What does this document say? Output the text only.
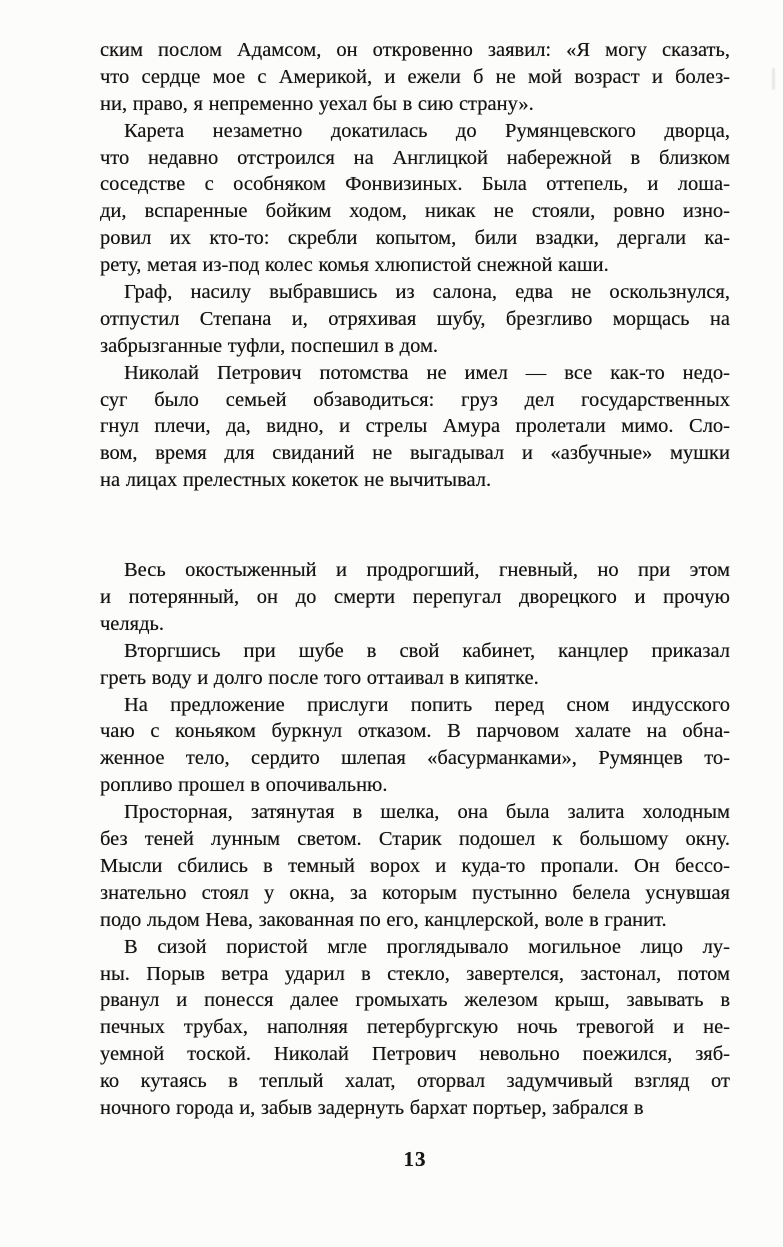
ским послом Адамсом, он откровенно заявил: «Я могу сказать,
что сердце мое с Америкой, и ежели б не мой возраст и болез-
ни, право, я непременно уехал бы в сию страну».
Карета незаметно докатилась до Румянцевского дворца,
что недавно отстроился на Англицкой набережной в близком
соседстве с особняком Фонвизиных. Была оттепель, и лоша-
ди, вспаренные бойким ходом, никак не стояли, ровно изно-
ровил их кто-то: скребли копытом, били взадки, дергали ка-
рету, метая из-под колес комья хлюпистой снежной каши.
Граф, насилу выбравшись из салона, едва не оскользнулся,
отпустил Степана и, отряхивая шубу, брезгливо морщась на
забрызганные туфли, поспешил в дом.
Николай Петрович потомства не имел — все как-то недо-
суг было семьей обзаводиться: груз дел государственных
гнул плечи, да, видно, и стрелы Амура пролетали мимо. Сло-
вом, время для свиданий не выгадывал и «азбучные» мушки
на лицах прелестных кокеток не вычитывал.
Весь окостыженный и продрогший, гневный, но при этом
и потерянный, он до смерти перепугал дворецкого и прочую
челядь.
Вторгшись при шубе в свой кабинет, канцлер приказал
греть воду и долго после того оттаивал в кипятке.
На предложение прислуги попить перед сном индусского
чаю с коньяком буркнул отказом. В парчовом халате на обна-
женное тело, сердито шлепая «басурманками», Румянцев то-
ропливо прошел в опочивальню.
Просторная, затянутая в шелка, она была залита холодным
без теней лунным светом. Старик подошел к большому окну.
Мысли сбились в темный ворох и куда-то пропали. Он бессо-
знательно стоял у окна, за которым пустынно белела уснувшая
подо льдом Нева, закованная по его, канцлерской, воле в гранит.
В сизой пористой мгле проглядывало могильное лицо лу-
ны. Порыв ветра ударил в стекло, завертелся, застонал, потом
рванул и понесся далее громыхать железом крыш, завывать в
печных трубах, наполняя петербургскую ночь тревогой и не-
уемной тоской. Николай Петрович невольно поежился, зяб-
ко кутаясь в теплый халат, оторвал задумчивый взгляд от
ночного города и, забыв задернуть бархат портьер, забрался в
13
